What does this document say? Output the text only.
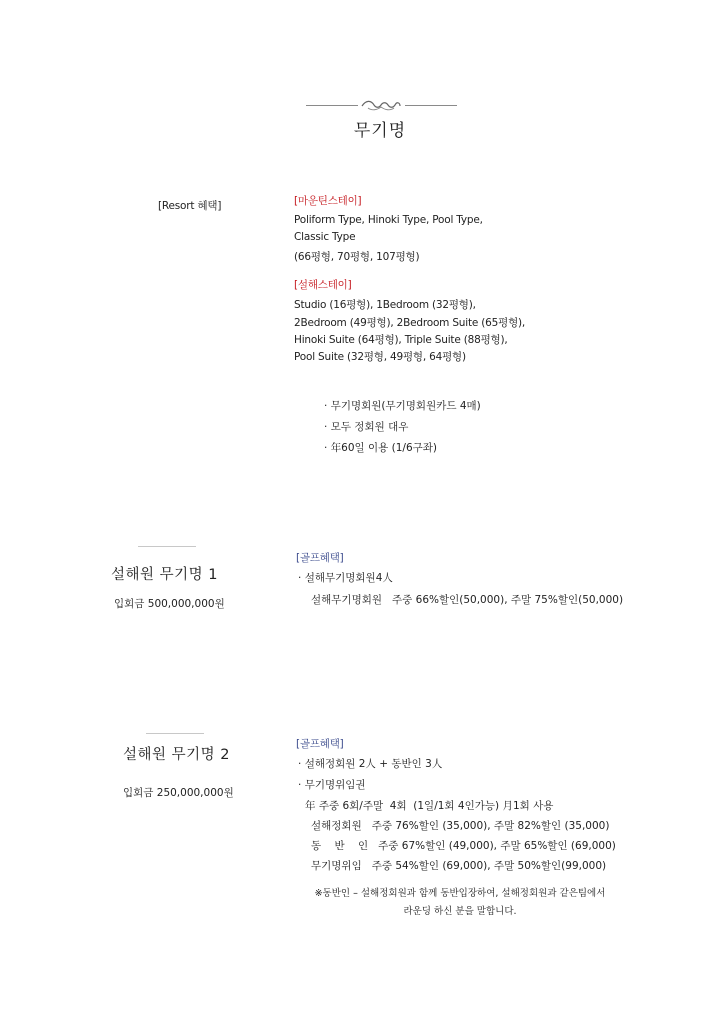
무기명
[Resort 혜택]	[마운틴스테이]
Poliform Type, Hinoki Type, Pool Type,
Classic Type
(66평형, 70평형, 107평형)
[설해스테이]
Studio (16평형), 1Bedroom (32평형),
2Bedroom (49평형), 2Bedroom Suite (65평형),
Hinoki Suite (64평형), Triple Suite (88평형),
Pool Suite (32평형, 49평형, 64평형)
· 무기명회원(무기명회원카드 4매)
· 모두 정회원 대우
· 年60일 이용 (1/6구좌)
설해원 무기명 1
입회금 500,000,000원
[골프혜택]
· 설해무기명회원4人
설해무기명회원   주중 66%할인(50,000), 주말 75%할인(50,000)
설해원 무기명 2
입회금 250,000,000원
[골프혜택]
· 설해정회원 2人 + 동반인 3人
· 무기명위임권
年 주중 6회/주말  4회  (1일/1회 4인가능) 月1회 사용
설해정회원   주중 76%할인 (35,000), 주말 82%할인 (35,000)
동    반    인   주중 67%할인 (49,000), 주말 65%할인 (69,000)
무기명위임   주중 54%할인 (69,000), 주말 50%할인(99,000)
※동반인 – 설해정회원과 함께 동반입장하여, 설해정회원과 같은팀에서
라운딩 하신 분을 말합니다.
